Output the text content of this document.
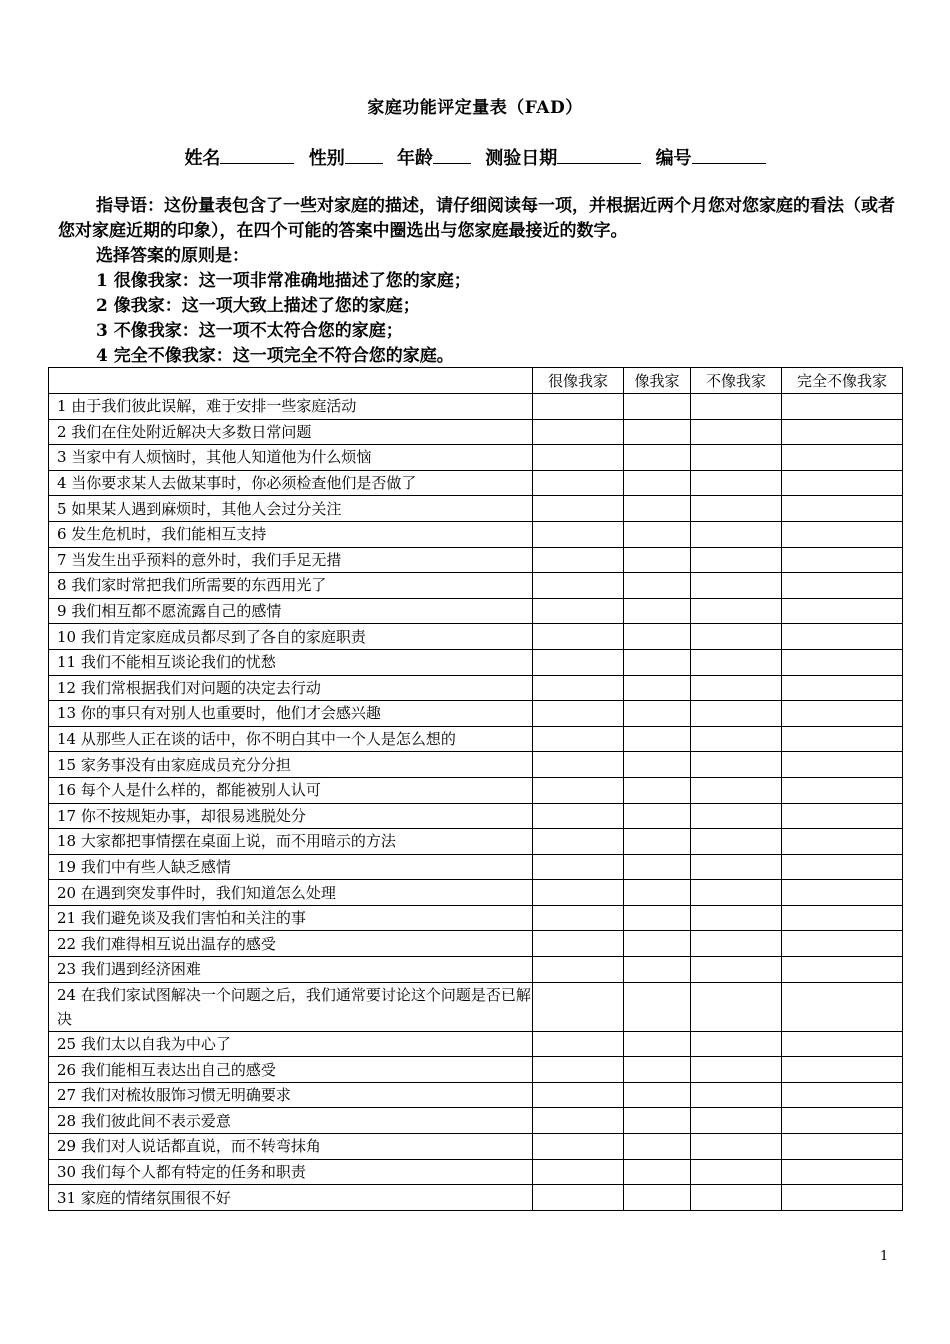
家庭功能评定量表（FAD）
姓名	性别	年龄	测验日期	编号

指导语：这份量表包含了一些对家庭的描述，请仔细阅读每一项，并根据近两个月您对您家庭的看法（或者您对家庭近期的印象），在四个可能的答案中圈选出与您家庭最接近的数字。

选择答案的原则是：

1 很像我家：这一项非常准确地描述了您的家庭；

2 像我家：这一项大致上描述了您的家庭；

3 不像我家：这一项不太符合您的家庭；

4 完全不像我家：这一项完全不符合您的家庭。

	很像我家	像我家	不像我家	完全不像我家
1 由于我们彼此误解，难于安排一些家庭活动				
2 我们在住处附近解决大多数日常问题				
3 当家中有人烦恼时，其他人知道他为什么烦恼				
4 当你要求某人去做某事时，你必须检查他们是否做了				
5 如果某人遇到麻烦时，其他人会过分关注				
6 发生危机时，我们能相互支持				
7 当发生出乎预料的意外时，我们手足无措				
8 我们家时常把我们所需要的东西用光了				
9 我们相互都不愿流露自己的感情				
10 我们肯定家庭成员都尽到了各自的家庭职责				
11 我们不能相互谈论我们的忧愁				
12 我们常根据我们对问题的决定去行动				
13 你的事只有对别人也重要时，他们才会感兴趣				
14 从那些人正在谈的话中，你不明白其中一个人是怎么想的				
15 家务事没有由家庭成员充分分担				
16 每个人是什么样的，都能被别人认可				
17 你不按规矩办事，却很易逃脱处分				
18 大家都把事情摆在桌面上说，而不用暗示的方法				
19 我们中有些人缺乏感情				
20 在遇到突发事件时，我们知道怎么处理				
21 我们避免谈及我们害怕和关注的事				
22 我们难得相互说出温存的感受				
23 我们遇到经济困难				
24 在我们家试图解决一个问题之后，我们通常要讨论这个问题是否已解决				
25 我们太以自我为中心了				
26 我们能相互表达出自己的感受				
27 我们对梳妆服饰习惯无明确要求				
28 我们彼此间不表示爱意				
29 我们对人说话都直说，而不转弯抹角				
30 我们每个人都有特定的任务和职责				
31 家庭的情绪氛围很不好				
1
